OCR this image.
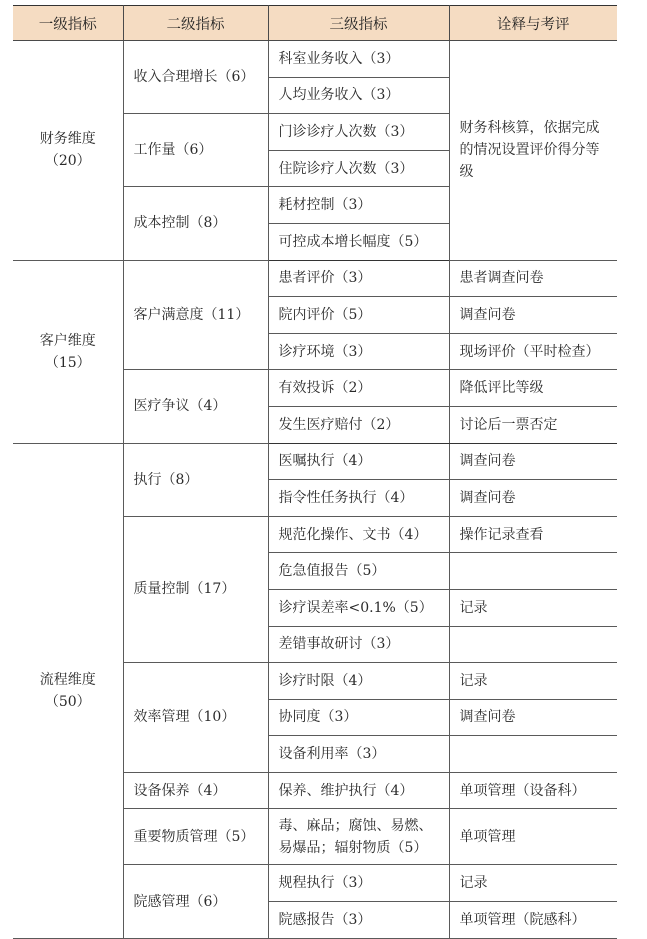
一级指标	二级指标	三级指标	诠释与考评

财务维度
（20）	收入合理增长（6）	科室业务收入（3）	财务科核算，依据完成的情况设置评价得分等级
		人均业务收入（3）	
	工作量（6）	门诊诊疗人次数（3）	
		住院诊疗人次数（3）	
	成本控制（8）	耗材控制（3）	
		可控成本增长幅度（5）	

客户维度
（15）	客户满意度（11）	患者评价（3）	患者调查问卷
		院内评价（5）	调查问卷
		诊疗环境（3）	现场评价（平时检查）
	医疗争议（4）	有效投诉（2）	降低评比等级
		发生医疗赔付（2）	讨论后一票否定

流程维度
（50）	执行（8）	医嘱执行（4）	调查问卷
		指令性任务执行（4）	调查问卷
	质量控制（17）	规范化操作、文书（4）	操作记录查看
		危急值报告（5）	
		诊疗误差率<0.1%（5）	记录
		差错事故研讨（3）	
	效率管理（10）	诊疗时限（4）	记录
		协同度（3）	调查问卷
		设备利用率（3）	
	设备保养（4）	保养、维护执行（4）	单项管理（设备科）
	重要物质管理（5）	毒、麻品；腐蚀、易燃、易爆品；辐射物质（5）	单项管理
	院感管理（6）	规程执行（3）	记录
		院感报告（3）	单项管理（院感科）
